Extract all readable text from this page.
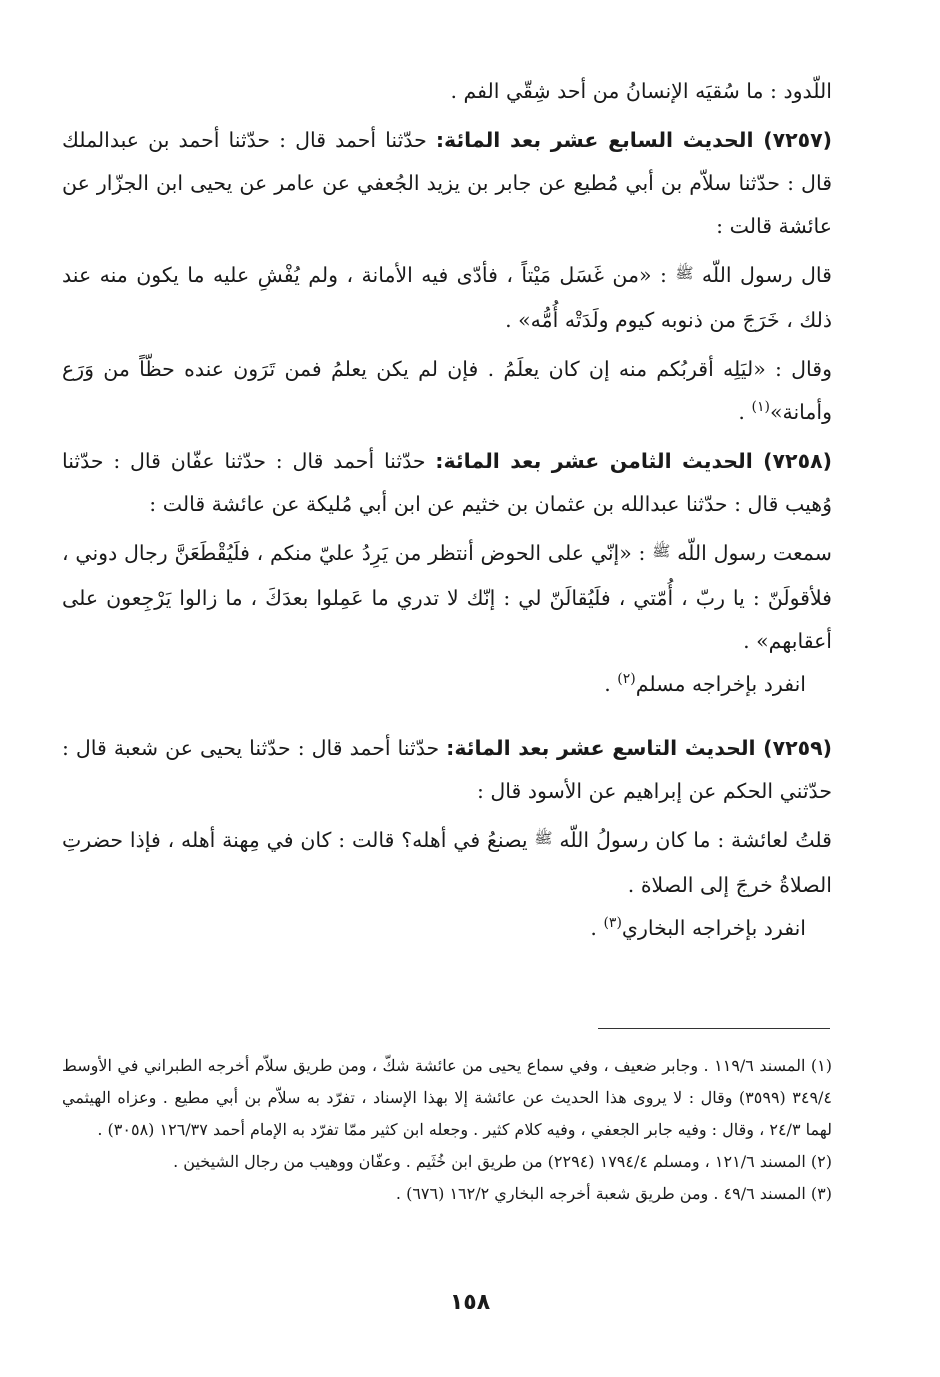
اللّدود : ما سُقيَه الإنسانُ من أحد شِقّي الفم .

(٧٢٥٧) الحديث السابع عشر بعد المائة: حدّثنا أحمد قال : حدّثنا أحمد بن عبدالملك قال : حدّثنا سلاّم بن أبي مُطيع عن جابر بن يزيد الجُعفي عن عامر عن يحيى ابن الجزّار عن عائشة قالت :

قال رسول اللّه ﷺ : «من غَسَل مَيْتاً ، فأدّى فيه الأمانة ، ولم يُفْشِ عليه ما يكون منه عند ذلك ، خَرَجَ من ذنوبه كيوم ولَدَتْه أُمُّه» .

وقال : «ليَلِه أقربُكم منه إن كان يعلَمُ . فإن لم يكن يعلمُ فمن تَرَون عنده حظّاً من وَرَع وأمانة»$^{(١)}$ .

(٧٢٥٨) الحديث الثامن عشر بعد المائة: حدّثنا أحمد قال : حدّثنا عفّان قال : حدّثنا وُهيب قال : حدّثنا عبدالله بن عثمان بن خثيم عن ابن أبي مُليكة عن عائشة قالت :

سمعت رسول اللّه ﷺ : «إنّي على الحوض أنتظر من يَرِدُ عليّ منكم ، فلَيُقْطَعَنَّ رجال دوني ، فلأقولَنّ : يا ربّ ، أُمّتي ، فلَيُقالَنّ لي : إنّك لا تدري ما عَمِلوا بعدَكَ ، ما زالوا يَرْجِعون على أعقابهم» .

انفرد بإخراجه مسلم$^{(٢)}$ .

(٧٢٥٩) الحديث التاسع عشر بعد المائة: حدّثنا أحمد قال : حدّثنا يحيى عن شعبة قال : حدّثني الحكم عن إبراهيم عن الأسود قال :

قلتُ لعائشة : ما كان رسولُ اللّه ﷺ يصنعُ في أهله؟ قالت : كان في مِهنة أهله ، فإذا حضرتِ الصلاةُ خرجَ إلى الصلاة .

انفرد بإخراجه البخاري$^{(٣)}$ .

(١) المسند ١١٩/٦ . وجابر ضعيف ، وفي سماع يحيى من عائشة شكّ ، ومن طريق سلاّم أخرجه الطبراني في الأوسط ٣٤٩/٤ (٣٥٩٩) وقال : لا يروى هذا الحديث عن عائشة إلا بهذا الإسناد ، تفرّد به سلاّم بن أبي مطيع . وعزاه الهيثمي لهما ٢٤/٣ ، وقال : وفيه جابر الجعفي ، وفيه كلام كثير . وجعله ابن كثير ممّا تفرّد به الإمام أحمد ١٢٦/٣٧ (٣٠٥٨) .

(٢) المسند ١٢١/٦ ، ومسلم ١٧٩٤/٤ (٢٢٩٤) من طريق ابن خُثَيم . وعفّان ووهيب من رجال الشيخين .

(٣) المسند ٤٩/٦ . ومن طريق شعبة أخرجه البخاري ١٦٢/٢ (٦٧٦) .

١٥٨
